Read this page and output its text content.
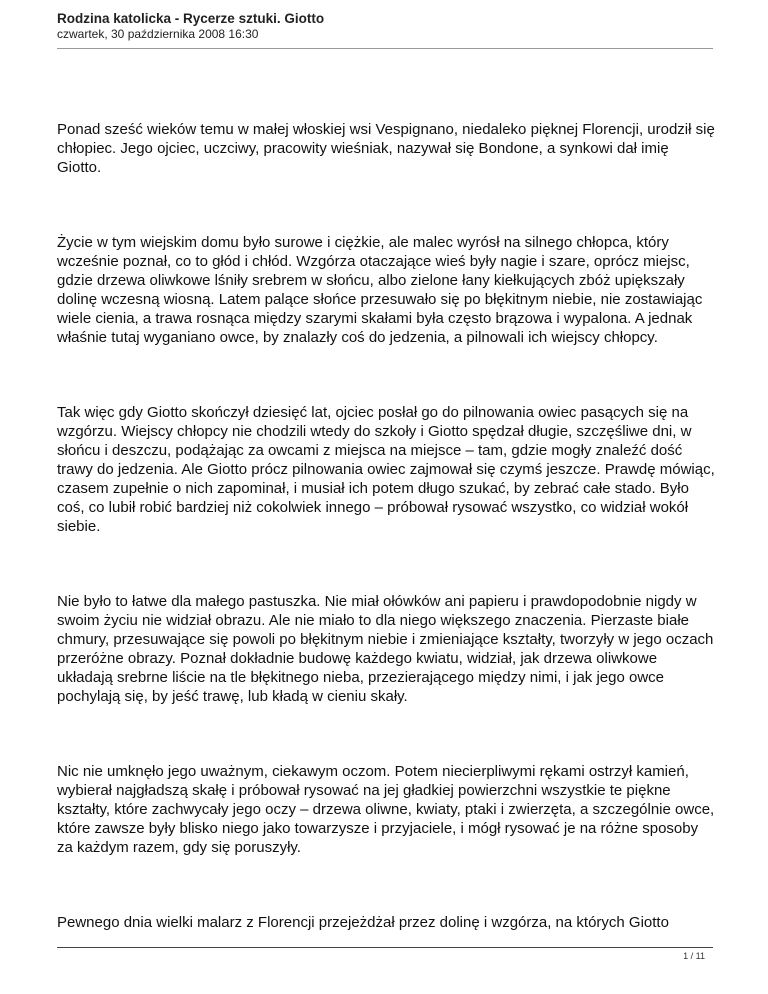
Rodzina katolicka - Rycerze sztuki. Giotto
czwartek, 30 października 2008 16:30

Ponad sześć wieków temu w małej włoskiej wsi Vespignano, niedaleko pięknej Florencji, urodził się chłopiec. Jego ojciec, uczciwy, pracowity wieśniak, nazywał się Bondone, a synkowi dał imię Giotto.

Życie w tym wiejskim domu było surowe i ciężkie, ale malec wyrósł na silnego chłopca, który wcześnie poznał, co to głód i chłód. Wzgórza otaczające wieś były nagie i szare, oprócz miejsc, gdzie drzewa oliwkowe lśniły srebrem w słońcu, albo zielone łany kiełkujących zbóż upiększały dolinę wczesną wiosną. Latem palące słońce przesuwało się po błękitnym niebie, nie zostawiając wiele cienia, a trawa rosnąca między szarymi skałami była często brązowa i wypalona. A jednak właśnie tutaj wyganiano owce, by znalazły coś do jedzenia, a pilnowali ich wiejscy chłopcy.

Tak więc gdy Giotto skończył dziesięć lat, ojciec posłał go do pilnowania owiec pasących się na wzgórzu. Wiejscy chłopcy nie chodzili wtedy do szkoły i Giotto spędzał długie, szczęśliwe dni, w słońcu i deszczu, podążając za owcami z miejsca na miejsce – tam, gdzie mogły znaleźć dość trawy do jedzenia. Ale Giotto prócz pilnowania owiec zajmował się czymś jeszcze. Prawdę mówiąc, czasem zupełnie o nich zapominał, i musiał ich potem długo szukać, by zebrać całe stado. Było coś, co lubił robić bardziej niż cokolwiek innego – próbował rysować wszystko, co widział wokół siebie.

Nie było to łatwe dla małego pastuszka. Nie miał ołówków ani papieru i prawdopodobnie nigdy w swoim życiu nie widział obrazu. Ale nie miało to dla niego większego znaczenia. Pierzaste białe chmury, przesuwające się powoli po błękitnym niebie i zmieniające kształty, tworzyły w jego oczach przeróżne obrazy. Poznał dokładnie budowę każdego kwiatu, widział, jak drzewa oliwkowe układają srebrne liście na tle błękitnego nieba, przezierającego między nimi, i jak jego owce pochylają się, by jeść trawę, lub kładą w cieniu skały.

Nic nie umknęło jego uważnym, ciekawym oczom. Potem niecierpliwymi rękami ostrzył kamień, wybierał najgładszą skałę i próbował rysować na jej gładkiej powierzchni wszystkie te piękne kształty, które zachwycały jego oczy – drzewa oliwne, kwiaty, ptaki i zwierzęta, a szczególnie owce, które zawsze były blisko niego jako towarzysze i przyjaciele, i mógł rysować je na różne sposoby za każdym razem, gdy się poruszyły.

Pewnego dnia wielki malarz z Florencji przejeżdżał przez dolinę i wzgórza, na których Giotto

1 / 11
